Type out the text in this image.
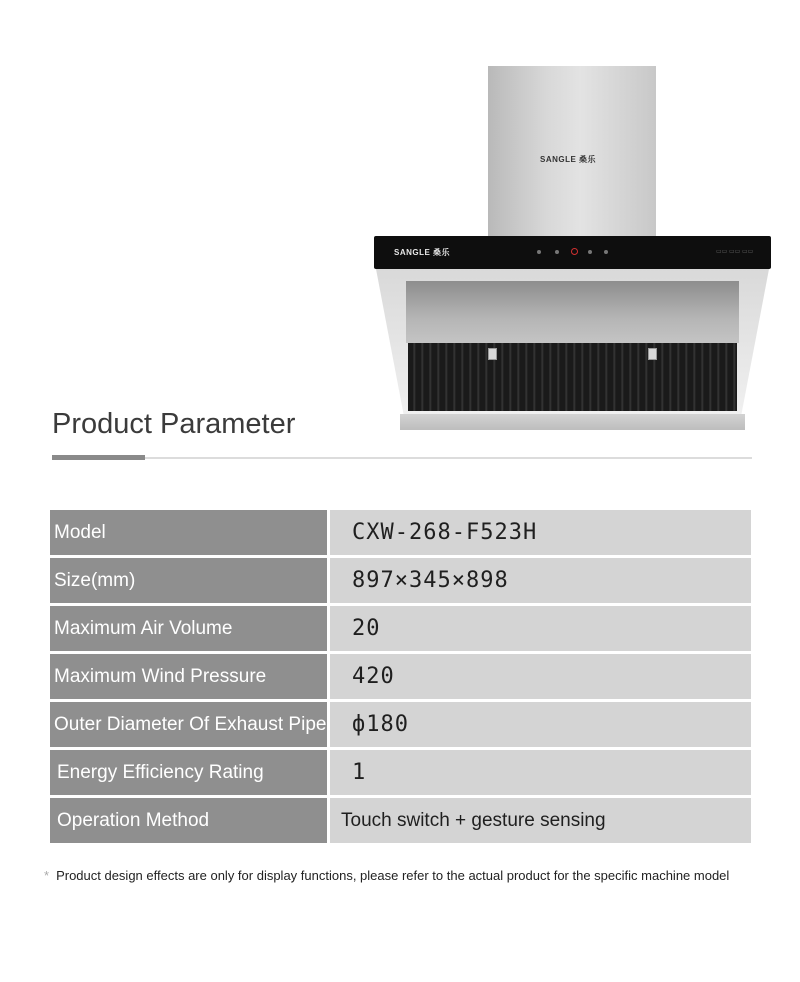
SANGLE 桑乐
SANGLE 桑乐	▭▭ ▭▭ ▭▭
Product Parameter
Model	CXW-268-F523H
Size(mm)	897×345×898
Maximum Air Volume	20
Maximum Wind Pressure	420
Outer Diameter Of Exhaust Pipe	ф180
Energy Efficiency Rating	1
Operation Method	Touch switch + gesture sensing
* Product design effects are only for display functions, please refer to the actual product for the specific machine model
